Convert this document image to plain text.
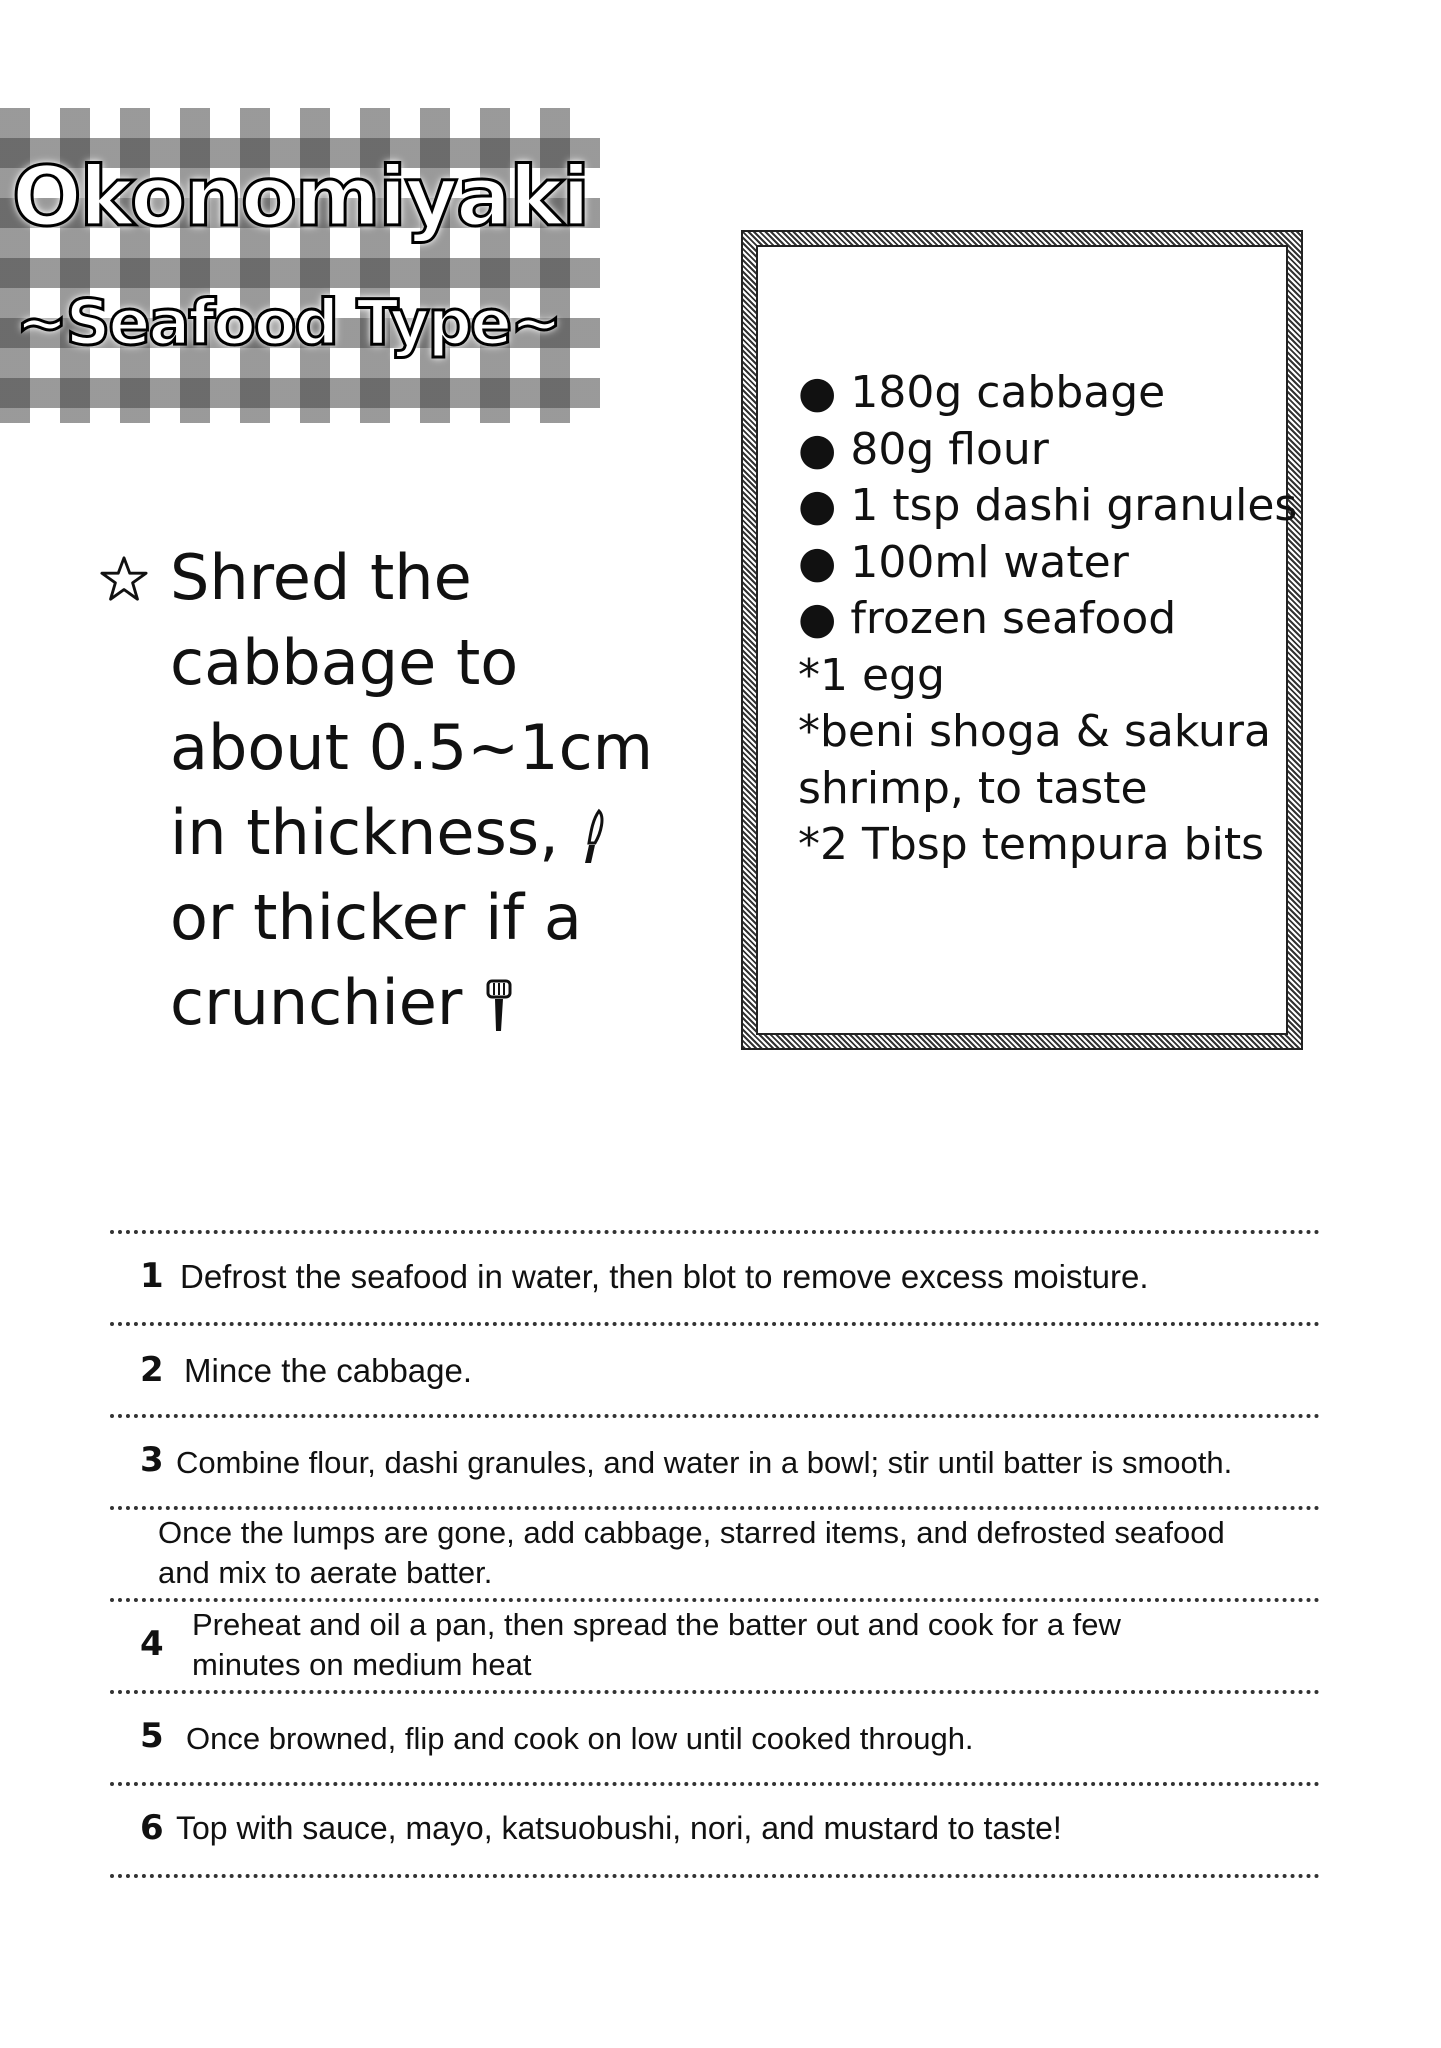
Okonomiyaki
~Seafood Type~
Shred the
cabbage to
about 0.5~1cm
in thickness,
or thicker if a
crunchier
● 180g cabbage
● 80g flour
● 1 tsp dashi granules
● 100ml water
● frozen seafood
*1 egg
*beni shoga & sakura
shrimp, to taste
*2 Tbsp tempura bits
1 Defrost the seafood in water, then blot to remove excess moisture.
2 Mince the cabbage.
3 Combine flour, dashi granules, and water in a bowl; stir until batter is smooth.
Once the lumps are gone, add cabbage, starred items, and defrosted seafood
and mix to aerate batter.
4 Preheat and oil a pan, then spread the batter out and cook for a few
minutes on medium heat
5 Once browned, flip and cook on low until cooked through.
6 Top with sauce, mayo, katsuobushi, nori, and mustard to taste!
